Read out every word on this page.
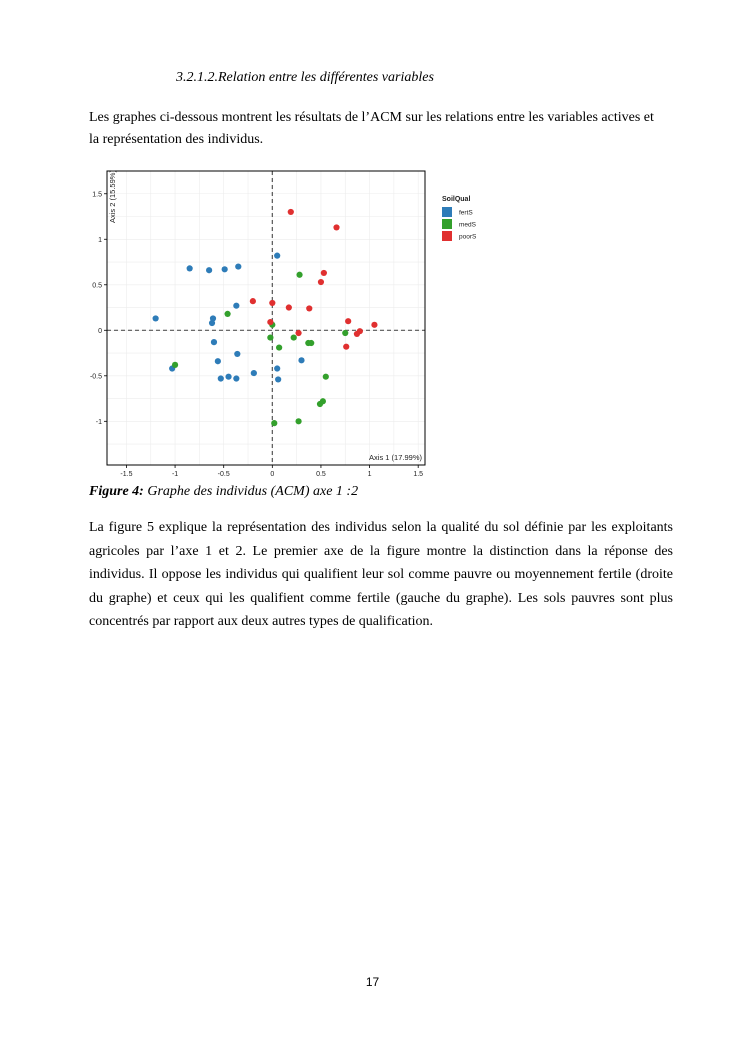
3.2.1.2.Relation entre les différentes variables

Les graphes ci-dessous montrent les résultats de l’ACM sur les relations entre les variables actives et la représentation des individus.

-1.5	-1	-0.5	0	0.5	1	1.5
-1
-0.5
0
0.5
1
1.5
Axis 1 (17.99%)
Axis 2 (15.59%)	SoilQual
fertS
medS
poorS
Figure 4: Graphe des individus (ACM) axe 1 :2

La figure 5 explique la représentation des individus selon la qualité du sol définie par les exploitants agricoles par l’axe 1 et 2. Le premier axe de la figure montre la distinction dans la réponse des individus. Il oppose les individus qui qualifient leur sol comme pauvre ou moyennement fertile (droite du graphe) et ceux qui les qualifient comme fertile (gauche du graphe). Les sols pauvres sont plus concentrés par rapport aux deux autres types de qualification.

17
